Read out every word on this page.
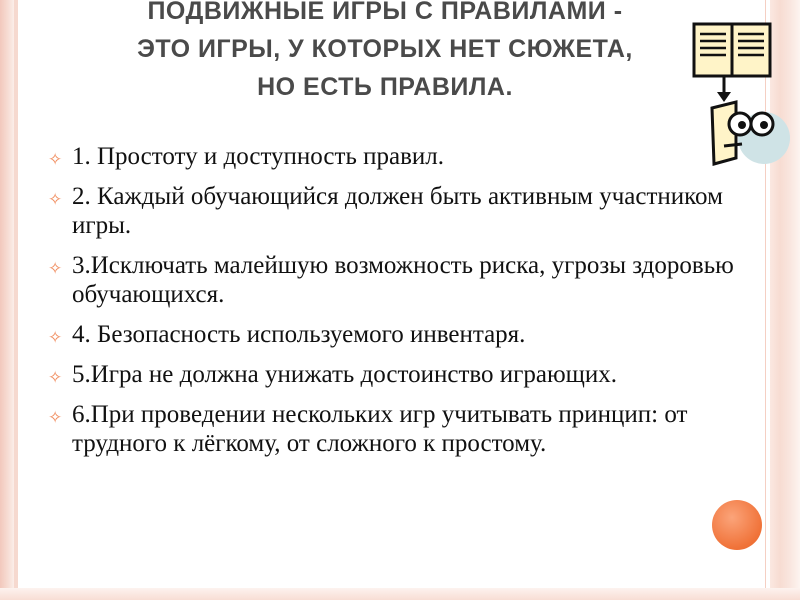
ПОДВИЖНЫЕ ИГРЫ С ПРАВИЛАМИ -
ЭТО ИГРЫ, У КОТОРЫХ НЕТ СЮЖЕТА,
НО ЕСТЬ ПРАВИЛА.
✧ 1. Простоту и доступность правил.
✧ 2. Каждый обучающийся должен быть активным участником игры.
✧ 3.Исключать малейшую возможность риска, угрозы здоровью обучающихся.
✧ 4. Безопасность используемого инвентаря.
✧ 5.Игра не должна унижать достоинство играющих.
✧ 6.При проведении нескольких игр учитывать принцип: от трудного к лёгкому, от сложного к простому.
